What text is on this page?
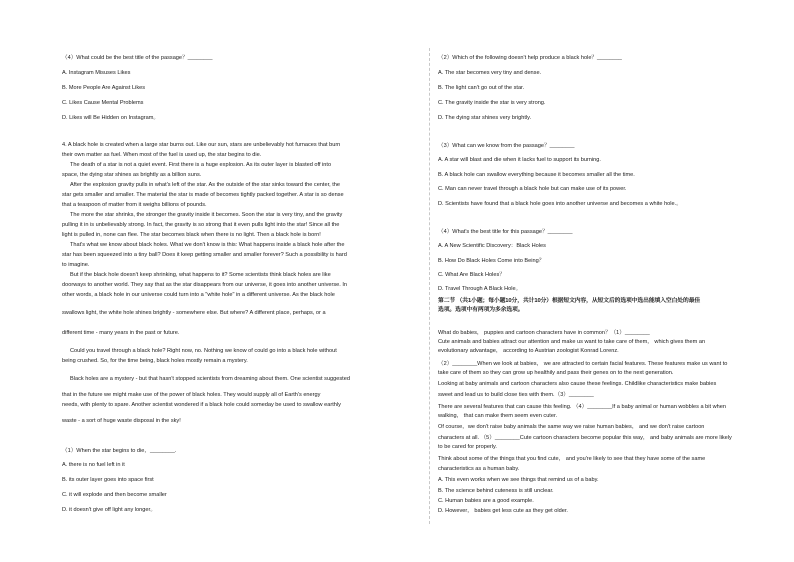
（4）What could be the best title of the passage？________
A. Instagram Misuses Likes
B. More People Are Against Likes
C. Likes Cause Mental Problems
D. Likes will Be Hidden on Instagram。
4. A black hole is created when a large star burns out. Like our sun, stars are unbelievably hot furnaces that burn
their own matter as fuel. When most of the fuel is used up, the star begins to die.
The death of a star is not a quiet event. First there is a huge explosion. As its outer layer is blasted off into
space, the dying star shines as brightly as a billion suns.
After the explosion gravity pulls in what's left of the star. As the outside of the star sinks toward the center, the
star gets smaller and smaller. The material the star is made of becomes tightly packed together. A star is so dense
that a teaspoon of matter from it weighs billions of pounds.
The more the star shrinks, the stronger the gravity inside it becomes. Soon the star is very tiny, and the gravity
pulling it in is unbelievably strong. In fact, the gravity is so strong that it even pulls light into the star! Since all the
light is pulled in, none can flee. The star becomes black when there is no light. Then a black hole is born!
That's what we know about black holes. What we don't know is this: What happens inside a black hole after the
star has been squeezed into a tiny ball? Does it keep getting smaller and smaller forever? Such a possibility is hard
to imagine.
But if the black hole doesn't keep shrinking, what happens to it? Some scientists think black holes are like
doorways to another world. They say that as the star disappears from our universe, it goes into another universe. In
other words, a black hole in our universe could turn into a "white hole" in a different universe. As the black hole
swallows light, the white hole shines brightly - somewhere else. But where? A different place, perhaps, or a
different time - many years in the past or future.
Could you travel through a black hole? Right now, no. Nothing we know of could go into a black hole without
being crushed. So, for the time being, black holes mostly remain a mystery.
Black holes are a mystery - but that hasn't stopped scientists from dreaming about them. One scientist suggested
that in the future we might make use of the power of black holes. They would supply all of Earth's energy
needs, with plenty to spare. Another scientist wondered if a black hole could someday be used to swallow earthly
waste - a sort of huge waste disposal in the sky!
（1）When the star begins to die，________.
A. there is no fuel left in it
B. its outer layer goes into space first
C. it will explode and then become smaller
D. it doesn't give off light any longer。
（2）Which of the following doesn't help produce a black hole？________
A. The star becomes very tiny and dense.
B. The light can't go out of the star.
C. The gravity inside the star is very strong.
D. The dying star shines very brightly.
（3）What can we know from the passage？________
A. A star will blast and die when it lacks fuel to support its burning.
B. A black hole can swallow everything because it becomes smaller all the time.
C. Man can never travel through a black hole but can make use of its power.
D. Scientists have found that a black hole goes into another universe and becomes a white hole.。
（4）What's the best title for this passage？________
A. A New Scientific Discovery：Black Holes
B. How Do Black Holes Come into Being？
C. What Are Black Holes？
D. Travel Through A Black Hole。
第二节 （共1小题；每小题10分，共计10分）根据短文内容，从短文后的选项中选出能填入空白处的最佳
选项。选项中有两项为多余选项。
What do babies， puppies and cartoon characters have in common？（1）________
Cute animals and babies attract our attention and make us want to take care of them， which gives them an
evolutionary advantage， according to Austrian zoologist Konrad Lorenz.
（2）________When we look at babies， we are attracted to certain facial features. These features make us want to
take care of them so they can grow up healthily and pass their genes on to the next generation.
Looking at baby animals and cartoon characters also cause these feelings. Childlike characteristics make babies
sweet and lead us to build close ties with them.（3）________
There are several features that can cause this feeling. （4）________If a baby animal or human wobbles a bit when
walking， that can make them seem even cuter.
Of course，we don't raise baby animals the same way we raise human babies， and we don't raise cartoon
characters at all. （5）________Cute cartoon characters become popular this way， and baby animals are more likely
to be cared for properly.
Think about some of the things that you find cute， and you're likely to see that they have some of the same
characteristics as a human baby.
A. This even works when we see things that remind us of a baby.
B. The science behind cuteness is still unclear.
C. Human babies are a good example.
D. However， babies get less cute as they get older.
